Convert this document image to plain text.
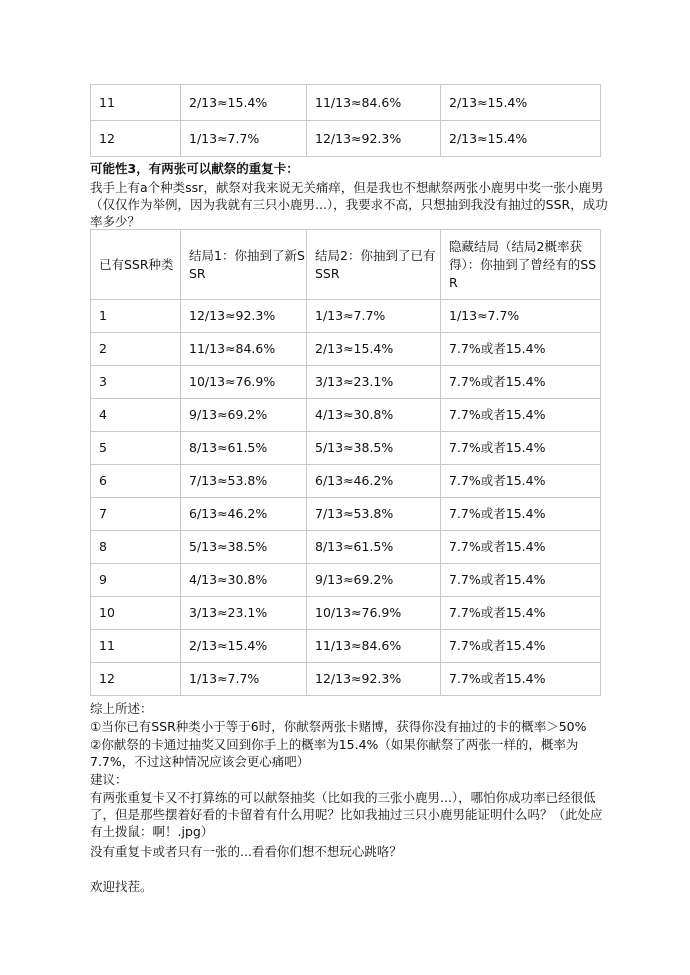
11	2/13≈15.4%	11/13≈84.6%	2/13≈15.4%
12	1/13≈7.7%	12/13≈92.3%	2/13≈15.4%
可能性3，有两张可以献祭的重复卡：
我手上有a个种类ssr，献祭对我来说无关痛痒，但是我也不想献祭两张小鹿男中奖一张小鹿男（仅仅作为举例，因为我就有三只小鹿男...），我要求不高，只想抽到我没有抽过的SSR，成功率多少？
已有SSR种类	结局1：你抽到了新SSR	结局2：你抽到了已有SSR	隐藏结局（结局2概率获得）：你抽到了曾经有的SSR
1	12/13≈92.3%	1/13≈7.7%	1/13≈7.7%
2	11/13≈84.6%	2/13≈15.4%	7.7%或者15.4%
3	10/13≈76.9%	3/13≈23.1%	7.7%或者15.4%
4	9/13≈69.2%	4/13≈30.8%	7.7%或者15.4%
5	8/13≈61.5%	5/13≈38.5%	7.7%或者15.4%
6	7/13≈53.8%	6/13≈46.2%	7.7%或者15.4%
7	6/13≈46.2%	7/13≈53.8%	7.7%或者15.4%
8	5/13≈38.5%	8/13≈61.5%	7.7%或者15.4%
9	4/13≈30.8%	9/13≈69.2%	7.7%或者15.4%
10	3/13≈23.1%	10/13≈76.9%	7.7%或者15.4%
11	2/13≈15.4%	11/13≈84.6%	7.7%或者15.4%
12	1/13≈7.7%	12/13≈92.3%	7.7%或者15.4%
综上所述：
①当你已有SSR种类小于等于6时，你献祭两张卡赌博，获得你没有抽过的卡的概率＞50%
②你献祭的卡通过抽奖又回到你手上的概率为15.4%（如果你献祭了两张一样的，概率为7.7%，不过这种情况应该会更心痛吧）
建议：
有两张重复卡又不打算练的可以献祭抽奖（比如我的三张小鹿男...），哪怕你成功率已经很低了，但是那些摆着好看的卡留着有什么用呢？比如我抽过三只小鹿男能证明什么吗？（此处应有土拨鼠：啊！.jpg）
没有重复卡或者只有一张的...看看你们想不想玩心跳咯？
欢迎找茬。
